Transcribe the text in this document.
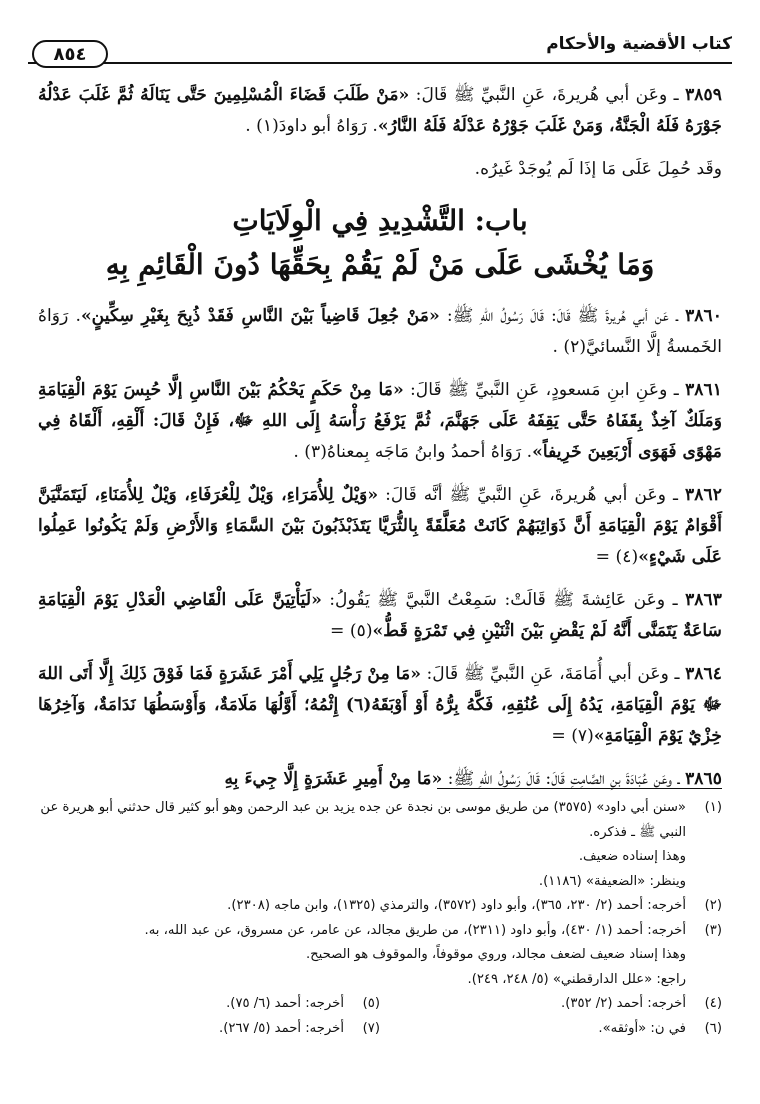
كتاب الأقضية والأحكام
٨٥٤

٣٨٥٩ ـ وعَن أبي هُريرةَ، عَنِ النَّبيِّ ﷺ قَالَ: «مَنْ طَلَبَ قَضَاءَ الْمُسْلِمِينَ حَتَّى يَنَالَهُ ثُمَّ غَلَبَ عَدْلُهُ جَوْرَهُ فَلَهُ الْجَنَّةُ، وَمَنْ غَلَبَ جَوْرُهُ عَدْلَهُ فَلَهُ النَّارُ». رَوَاهُ أبو داودَ(١) .

وقَد حُمِلَ عَلَى مَا إذَا لَم يُوجَدْ غَيرُه.
باب: التَّشْدِيدِ فِي الْوِلَايَاتِ
وَمَا يُخْشَى عَلَى مَنْ لَمْ يَقُمْ بِحَقِّهَا دُونَ الْقَائِمِ بِهِ

٣٨٦٠ ـ عَن أبي هُريرةَ ﷺ قَالَ: قَالَ رَسُولُ اللهِ ﷺ: «مَنْ جُعِلَ قَاضِياً بَيْنَ النَّاسِ فَقَدْ ذُبِحَ بِغَيْرِ سِكِّينٍ». رَوَاهُ الخَمسةُ إلَّا النَّسائيَّ(٢) .

٣٨٦١ ـ وعَنِ ابنِ مَسعودٍ، عَنِ النَّبيِّ ﷺ قَالَ: «مَا مِنْ حَكَمٍ يَحْكُمُ بَيْنَ النَّاسِ إلَّا حُبِسَ يَوْمَ الْقِيَامَةِ وَمَلَكٌ آخِذٌ بِقَفَاهُ حَتَّى يَقِفَهُ عَلَى جَهَنَّمَ، ثُمَّ يَرْفَعُ رَأْسَهُ إِلَى اللهِ ﷻ، فَإِنْ قَالَ: أَلْقِهِ، أَلْقَاهُ فِي مَهْوًى فَهَوَى أَرْبَعِينَ خَرِيفاً». رَوَاهُ أحمدُ وابنُ مَاجَه بِمعناهُ(٣) .

٣٨٦٢ ـ وعَن أبي هُريرةَ، عَنِ النَّبيِّ ﷺ أنَّه قَالَ: «وَيْلٌ لِلأُمَرَاءِ، وَيْلٌ لِلْعُرَفَاءِ، وَيْلٌ لِلأُمَنَاءِ، لَيَتَمَنَّيَنَّ أَقْوَامٌ يَوْمَ الْقِيَامَةِ أَنَّ ذَوَائِبَهُمْ كَانَتْ مُعَلَّقَةً بِالثُّرَيَّا يَتَذَبْذَبُونَ بَيْنَ السَّمَاءِ وَالأَرْضِ وَلَمْ يَكُونُوا عَمِلُوا عَلَى شَيْءٍ»(٤) =

٣٨٦٣ ـ وعَن عَائِشةَ ﷺ قَالَتْ: سَمِعْتُ النَّبيَّ ﷺ يَقُولُ: «لَيَأْتِيَنَّ عَلَى الْقَاضِي الْعَدْلِ يَوْمَ الْقِيَامَةِ سَاعَةٌ يَتَمَنَّى أَنَّهُ لَمْ يَقْضِ بَيْنَ اثْنَيْنِ فِي تَمْرَةٍ قَطُّ»(٥) =

٣٨٦٤ ـ وعَن أبي أُمَامَةَ، عَنِ النَّبيِّ ﷺ قَالَ: «مَا مِنْ رَجُلٍ يَلِي أَمْرَ عَشَرَةٍ فَمَا فَوْقَ ذَلِكَ إِلَّا أَتَى اللهَ ﷻ يَوْمَ الْقِيَامَةِ، يَدُهُ إِلَى عُنُقِهِ، فَكَّهُ بِرُّهُ أَوْ أَوْبَقَهُ(٦) إِثْمُهُ؛ أَوَّلُهَا مَلَامَةٌ، وَأَوْسَطُهَا نَدَامَةٌ، وَآخِرُهَا خِزْيٌ يَوْمَ الْقِيَامَةِ»(٧) =

٣٨٦٥ ـ وعَن عُبَادَةَ بنِ الصَّامِتِ قَالَ: قَالَ رَسُولُ اللهِ ﷺ: «مَا مِنْ أَمِيرِ عَشَرَةٍ إِلَّا جِيءَ بِهِ

(١)
«سنن أبي داود» (٣٥٧٥) من طريق موسى بن نجدة عن جده يزيد بن عبد الرحمن وهو أبو كثير قال حدثني أبو هريرة عن النبي ﷺ ـ فذكره.
وهذا إسناده ضعيف.
وينظر: «الضعيفة» (١١٨٦).
(٢)
أخرجه: أحمد (٢/ ٢٣٠، ٣٦٥)، وأبو داود (٣٥٧٢)، والترمذي (١٣٢٥)، وابن ماجه (٢٣٠٨).
(٣)
أخرجه: أحمد (١/ ٤٣٠)، وأبو داود (٢٣١١)، من طريق مجالد، عن عامر، عن مسروق، عن عبد الله، به.
وهذا إسناد ضعيف لضعف مجالد، وروي موقوفاً، والموقوف هو الصحيح.
راجع: «علل الدارقطني» (٥/ ٢٤٨، ٢٤٩).
(٤)
أخرجه: أحمد (٢/ ٣٥٢).
(٥)
أخرجه: أحمد (٦/ ٧٥).
(٦)
في ن: «أوثقه».
(٧)
أخرجه: أحمد (٥/ ٢٦٧).
